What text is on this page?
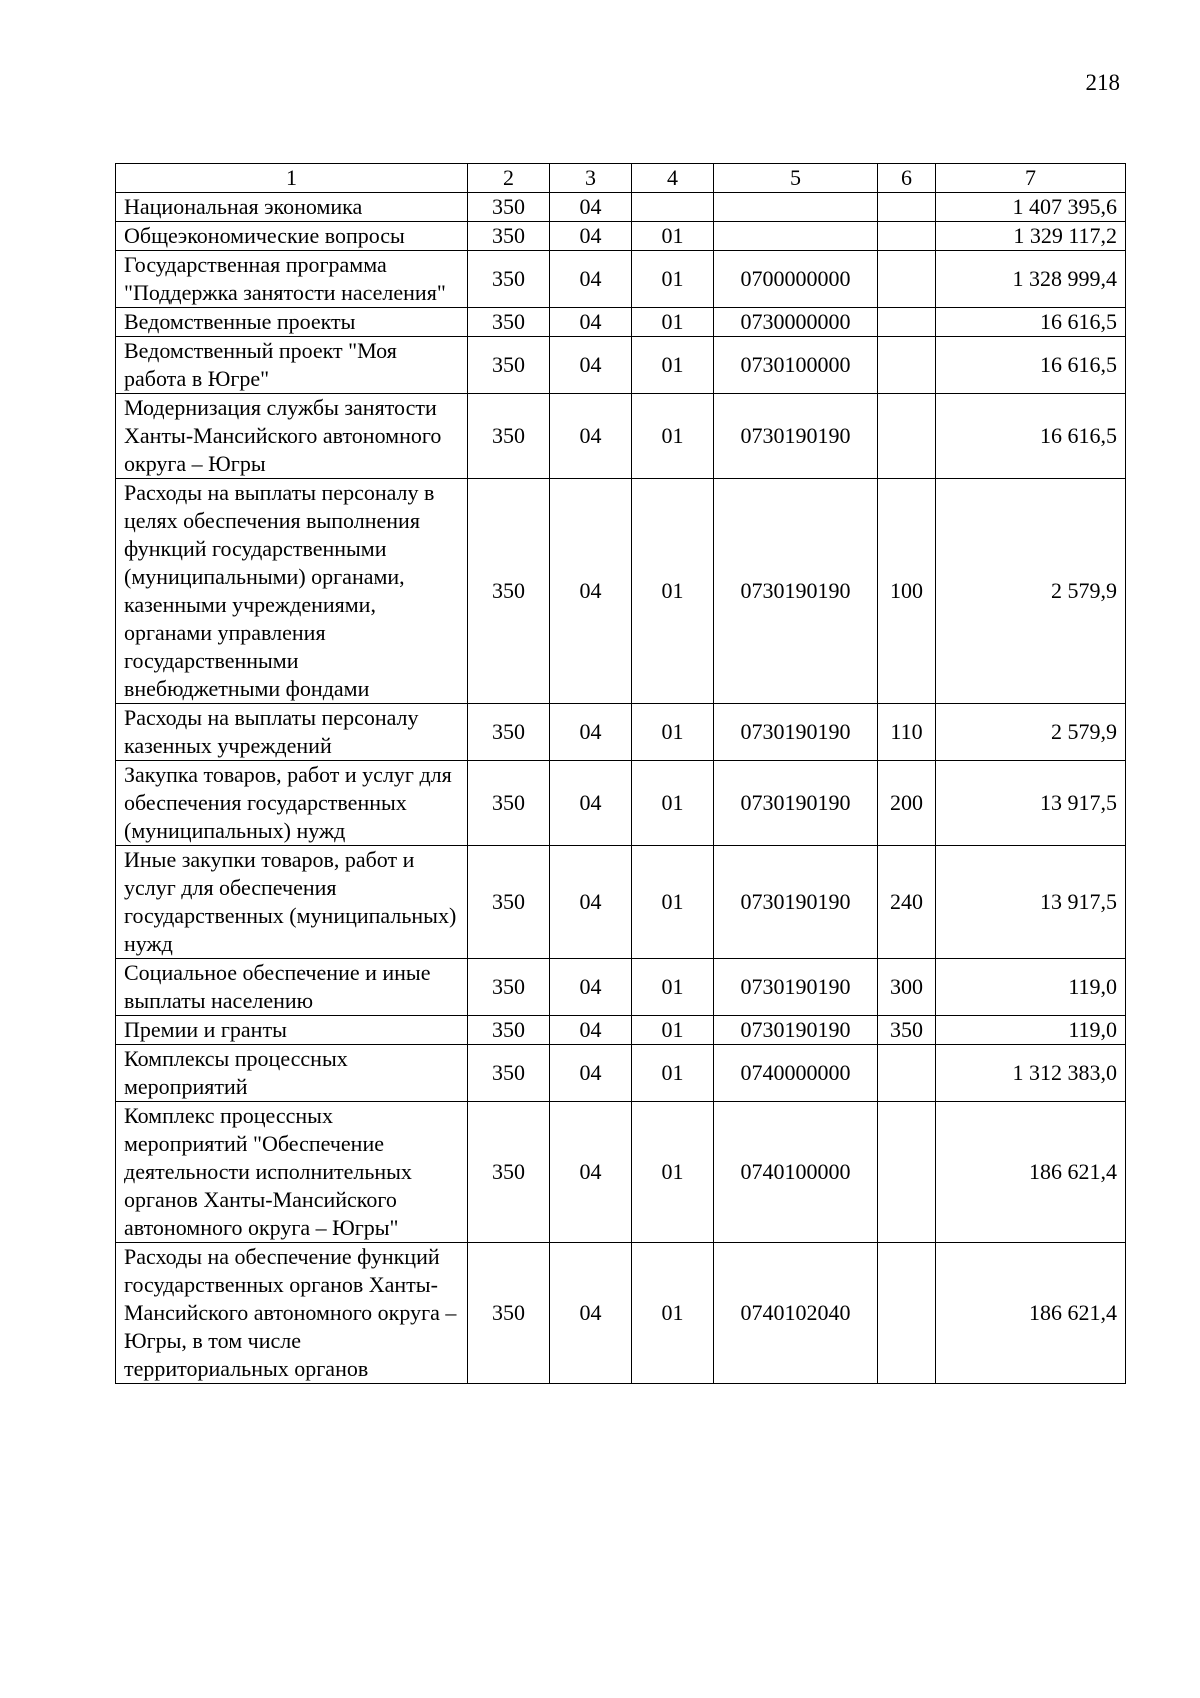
218
1	2	3	4	5	6	7
Национальная экономика	350	04				1 407 395,6
Общеэкономические вопросы	350	04	01			1 329 117,2
Государственная программа "Поддержка занятости населения"	350	04	01	0700000000		1 328 999,4
Ведомственные проекты	350	04	01	0730000000		16 616,5
Ведомственный проект "Моя работа в Югре"	350	04	01	0730100000		16 616,5
Модернизация службы занятости Ханты-Мансийского автономного округа – Югры	350	04	01	0730190190		16 616,5
Расходы на выплаты персоналу в целях обеспечения выполнения функций государственными (муниципальными) органами, казенными учреждениями, органами управления государственными внебюджетными фондами	350	04	01	0730190190	100	2 579,9
Расходы на выплаты персоналу казенных учреждений	350	04	01	0730190190	110	2 579,9
Закупка товаров, работ и услуг для обеспечения государственных (муниципальных) нужд	350	04	01	0730190190	200	13 917,5
Иные закупки товаров, работ и услуг для обеспечения государственных (муниципальных) нужд	350	04	01	0730190190	240	13 917,5
Социальное обеспечение и иные выплаты населению	350	04	01	0730190190	300	119,0
Премии и гранты	350	04	01	0730190190	350	119,0
Комплексы процессных мероприятий	350	04	01	0740000000		1 312 383,0
Комплекс процессных мероприятий "Обеспечение деятельности исполнительных органов Ханты-Мансийского автономного округа – Югры"	350	04	01	0740100000		186 621,4
Расходы на обеспечение функций государственных органов Ханты-Мансийского автономного округа – Югры, в том числе территориальных органов	350	04	01	0740102040		186 621,4
